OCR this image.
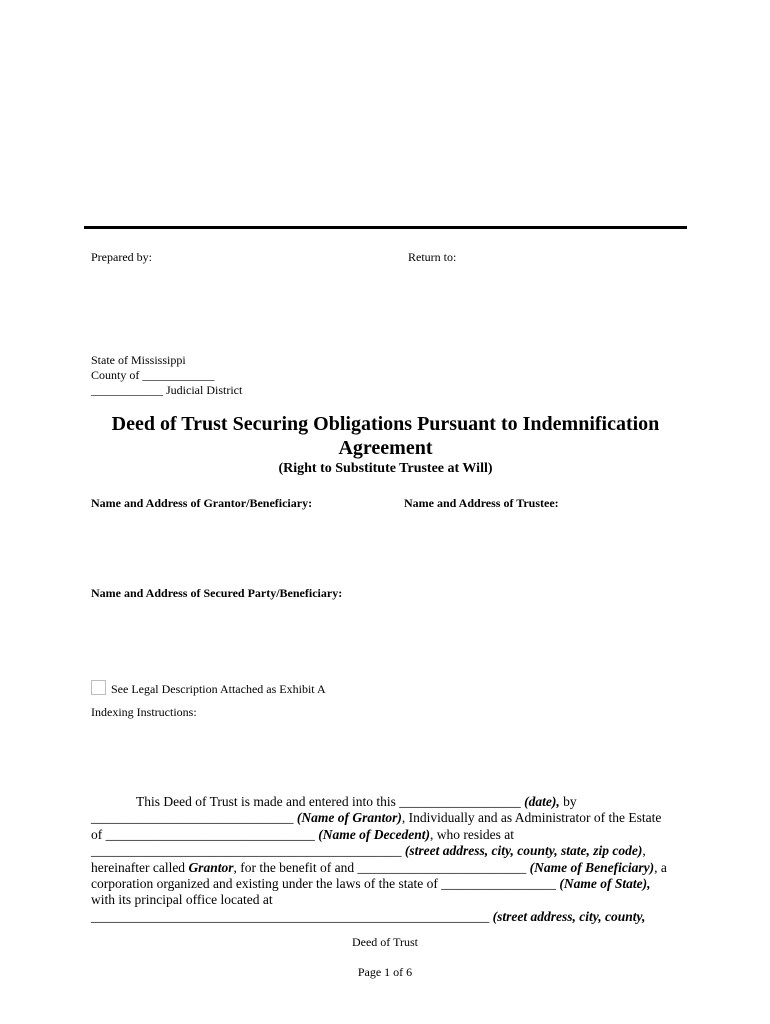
Prepared by:	Return to:
State of Mississippi
County of ____________
____________ Judicial District
Deed of Trust Securing Obligations Pursuant to Indemnification
Agreement
(Right to Substitute Trustee at Will)
Name and Address of Grantor/Beneficiary:	Name and Address of Trustee:
Name and Address of Secured Party/Beneficiary:
See Legal Description Attached as Exhibit A
Indexing Instructions:

This Deed of Trust is made and entered into this __________________ (date), by

______________________________ (Name of Grantor), Individually and as Administrator of the Estate

of _______________________________ (Name of Decedent), who resides at

______________________________________________ (street address, city, county, state, zip code),

hereinafter called Grantor, for the benefit of and _________________________ (Name of Beneficiary), a

corporation organized and existing under the laws of the state of _________________ (Name of State),

with its principal office located at

___________________________________________________________ (street address, city, county,

Deed of Trust
Page 1 of 6
